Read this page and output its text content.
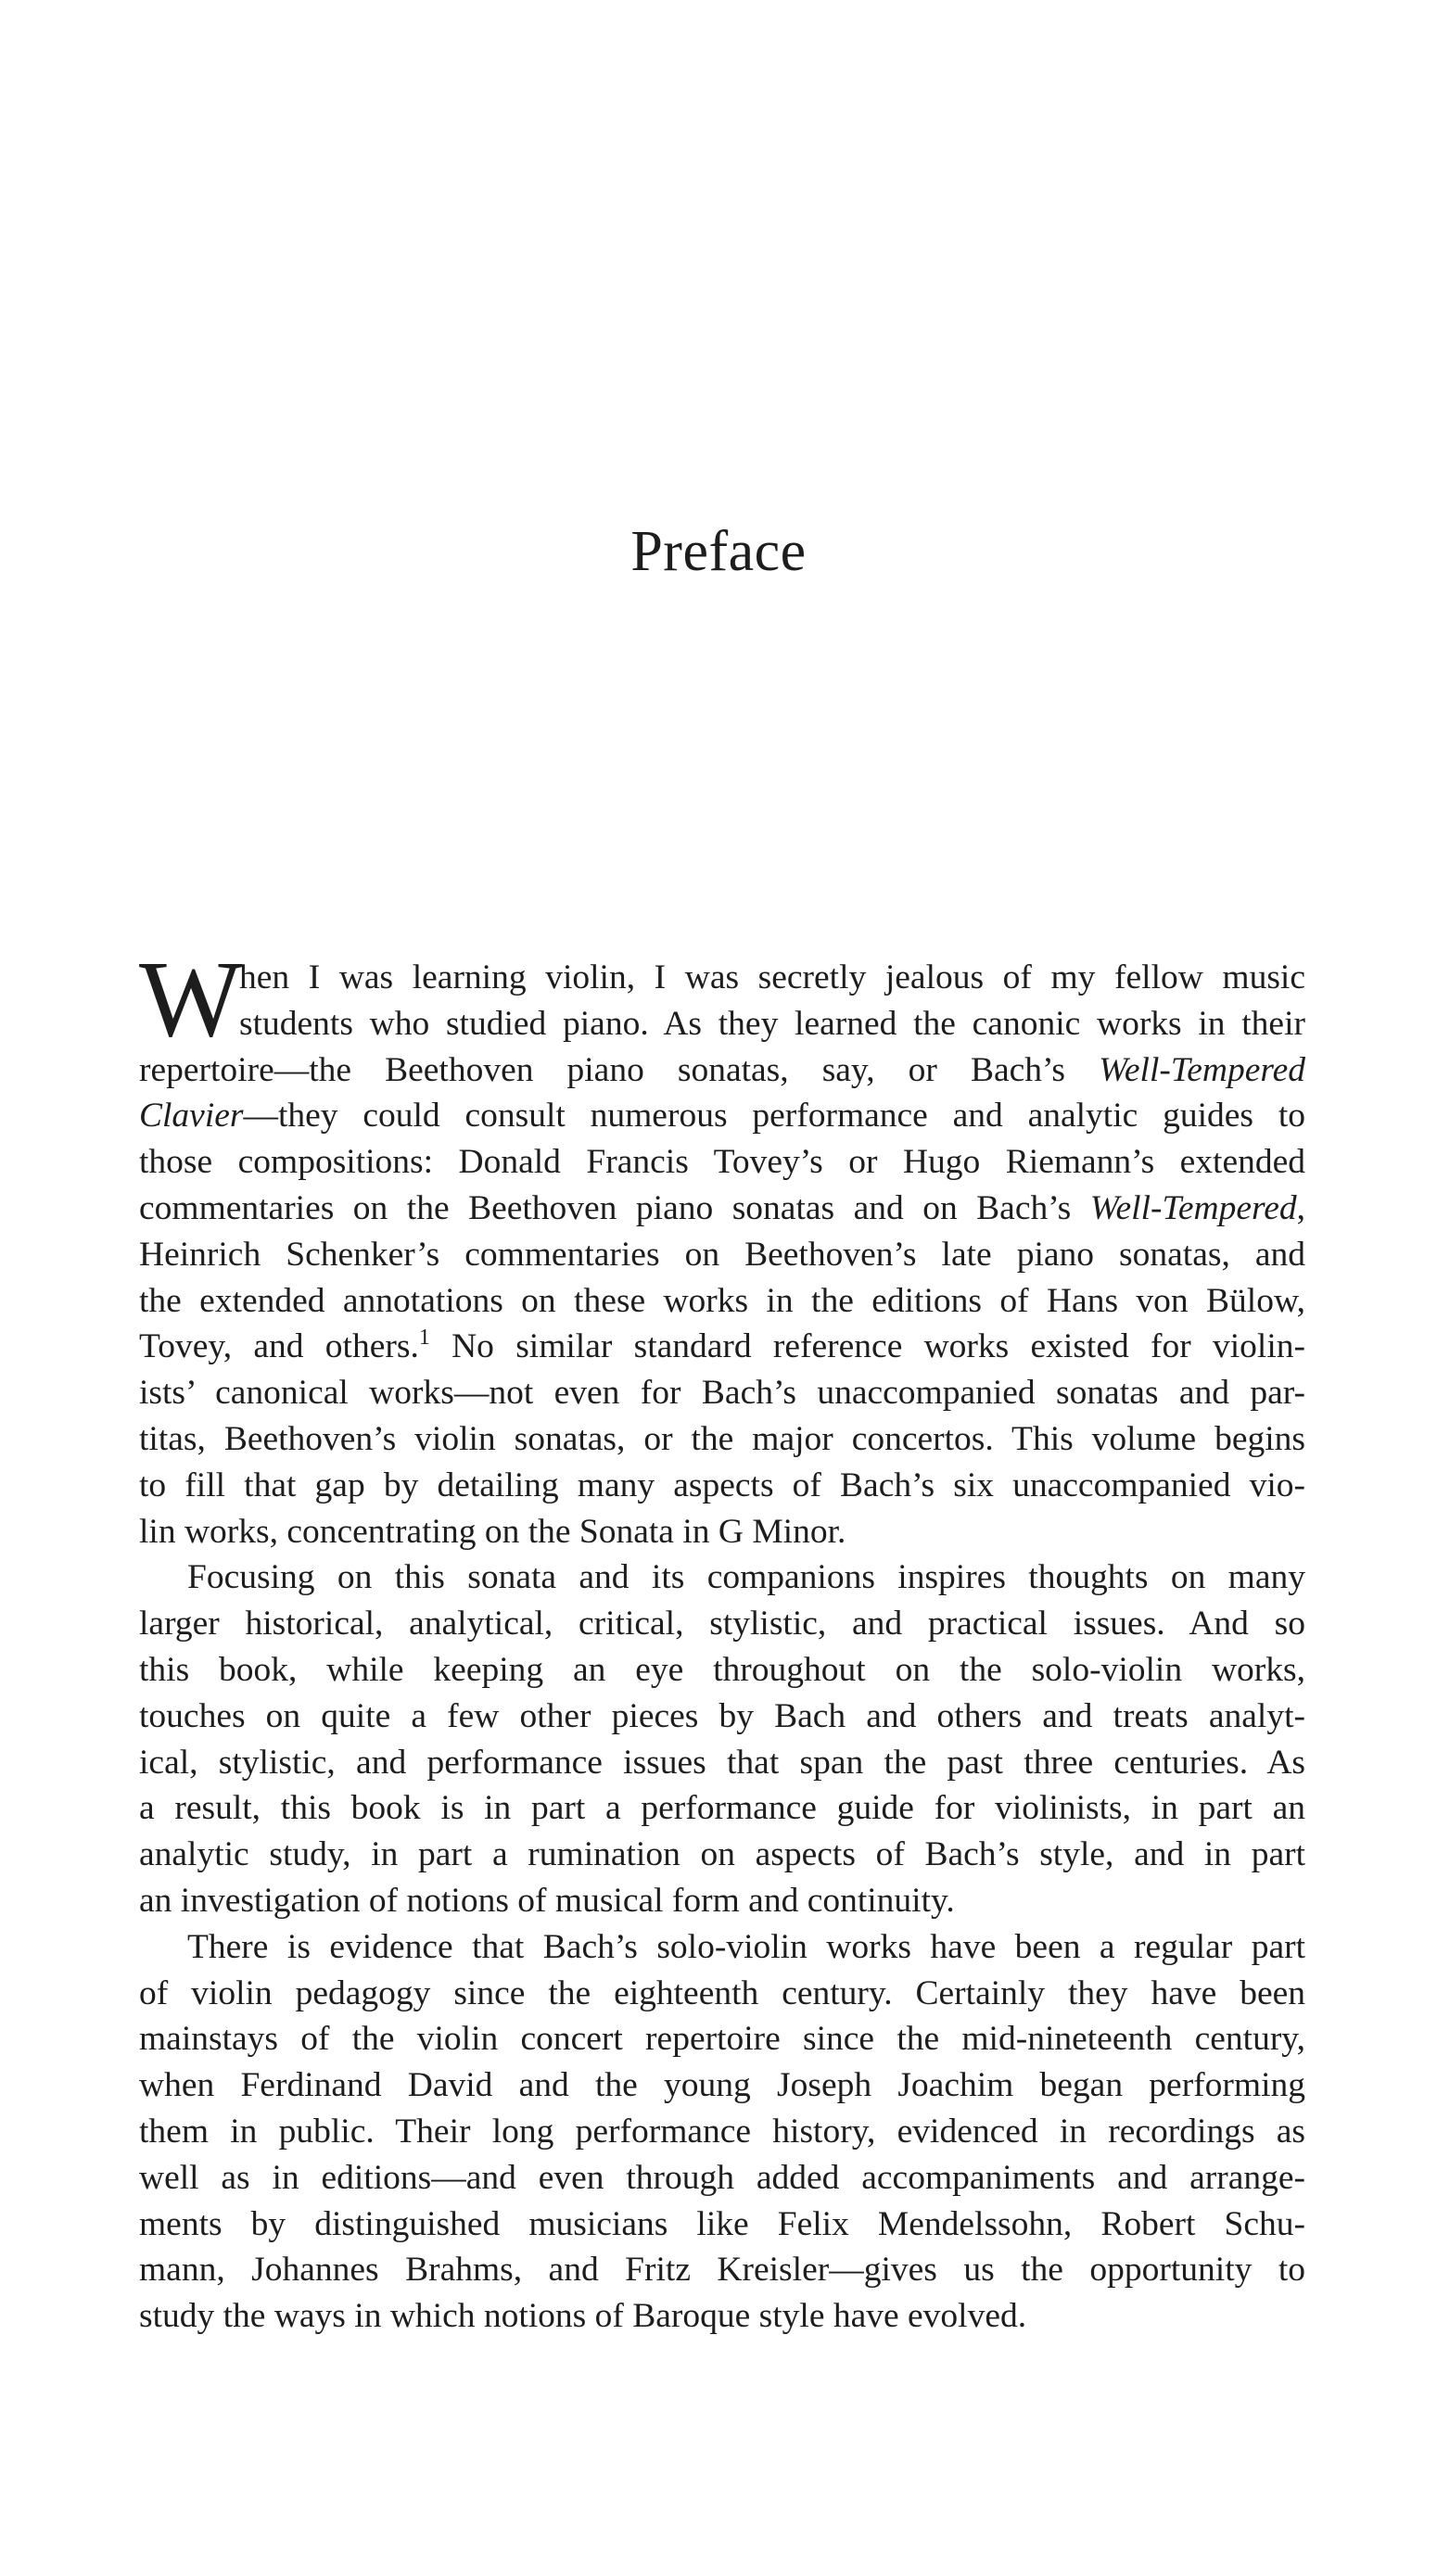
Preface
W
hen I was learning violin, I was secretly jealous of my fellow music
students who studied piano. As they learned the canonic works in their
repertoire—the Beethoven piano sonatas, say, or Bach’s Well-Tempered
Clavier—they could consult numerous performance and analytic guides to
those compositions: Donald Francis Tovey’s or Hugo Riemann’s extended
commentaries on the Beethoven piano sonatas and on Bach’s Well-Tempered,
Heinrich Schenker’s commentaries on Beethoven’s late piano sonatas, and
the extended annotations on these works in the editions of Hans von Bülow,
Tovey, and others.$^1$ No similar standard reference works existed for violin-
ists’ canonical works—not even for Bach’s unaccompanied sonatas and par-
titas, Beethoven’s violin sonatas, or the major concertos. This volume begins
to fill that gap by detailing many aspects of Bach’s six unaccompanied vio-
lin works, concentrating on the Sonata in G Minor.
Focusing on this sonata and its companions inspires thoughts on many
larger historical, analytical, critical, stylistic, and practical issues. And so
this book, while keeping an eye throughout on the solo-violin works,
touches on quite a few other pieces by Bach and others and treats analyt-
ical, stylistic, and performance issues that span the past three centuries. As
a result, this book is in part a performance guide for violinists, in part an
analytic study, in part a rumination on aspects of Bach’s style, and in part
an investigation of notions of musical form and continuity.
There is evidence that Bach’s solo-violin works have been a regular part
of violin pedagogy since the eighteenth century. Certainly they have been
mainstays of the violin concert repertoire since the mid-nineteenth century,
when Ferdinand David and the young Joseph Joachim began performing
them in public. Their long performance history, evidenced in recordings as
well as in editions—and even through added accompaniments and arrange-
ments by distinguished musicians like Felix Mendelssohn, Robert Schu-
mann, Johannes Brahms, and Fritz Kreisler—gives us the opportunity to
study the ways in which notions of Baroque style have evolved.
